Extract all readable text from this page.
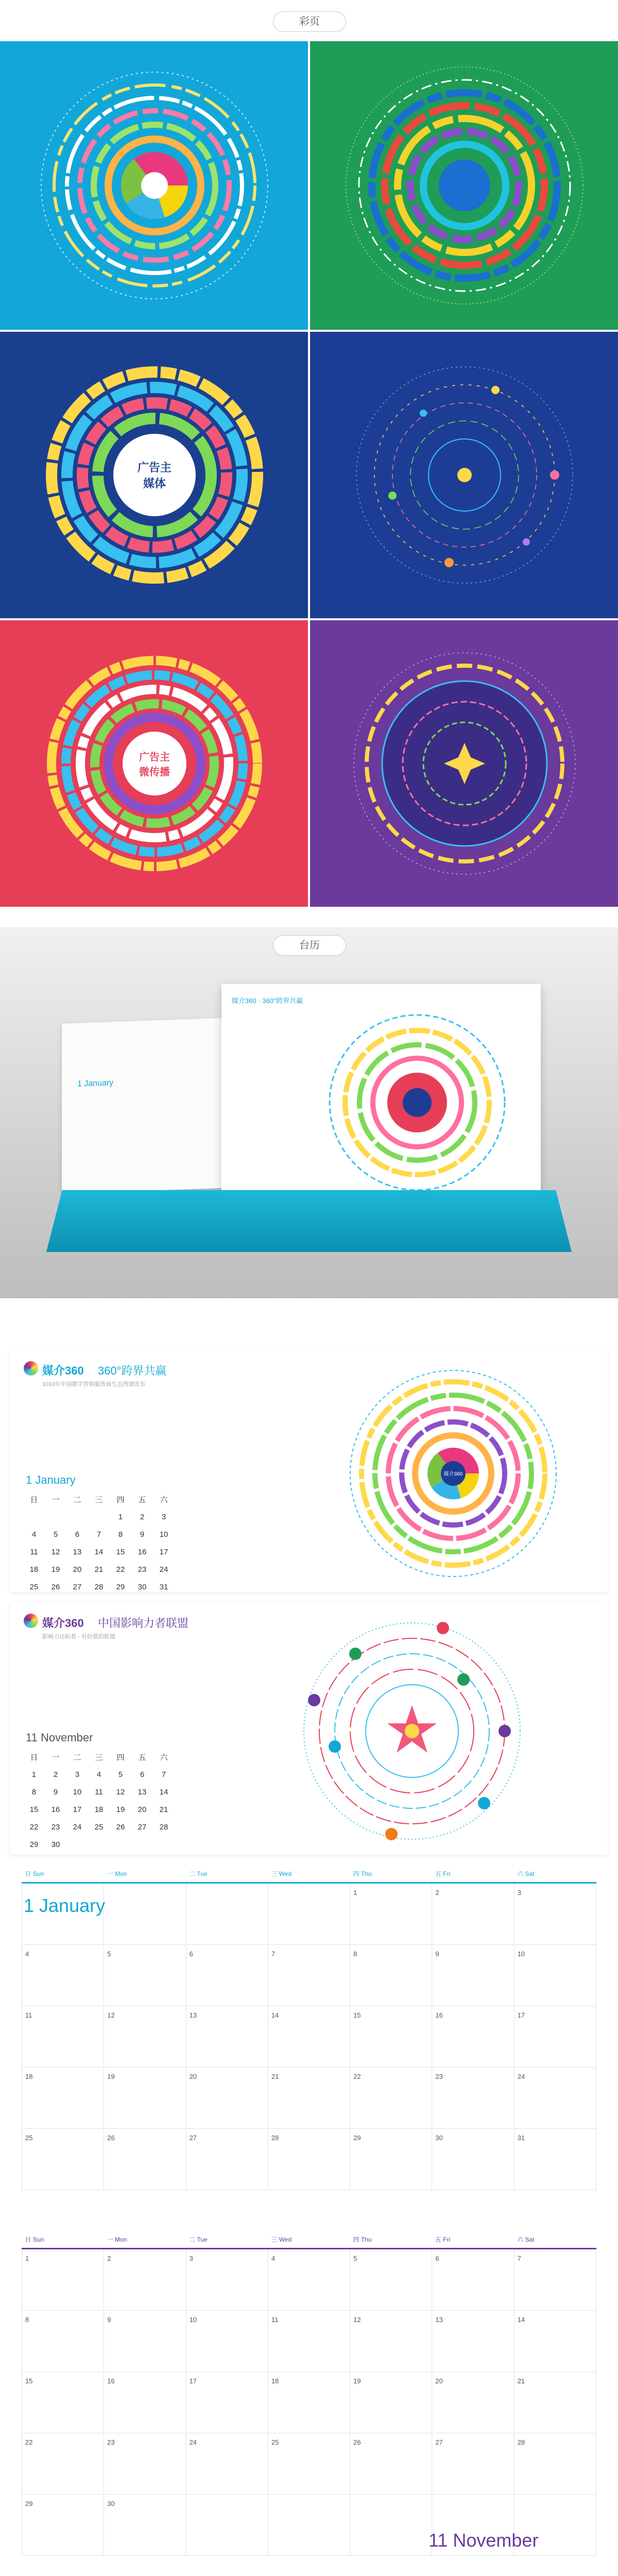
彩页
广告主
媒体
广告主
微传播
台历
1 January
媒介360 · 360°跨界共赢
媒介360 360°跨界共赢
1010年中国数字营销服务商生态图谱发布
1 January
日	一	二	三	四	五	六
				1	2	3
4	5	6	7	8	9	10
11	12	13	14	15	16	17
18	19	20	21	22	23	24
25	26	27	28	29	30	31
媒介360
媒介360 中国影响力者联盟
影响力达标者 · 有价值的联盟
11 November
日	一	二	三	四	五	六
1	2	3	4	5	6	7
8	9	10	11	12	13	14
15	16	17	18	19	20	21
22	23	24	25	26	27	28
29	30					
日 Sun	一 Mon	二 Tue	三 Wed	四 Thu	五 Fri	六 Sat

				1	2	3

4	5	6	7	8	9	10

11	12	13	14	15	16	17

18	19	20	21	22	23	24

25	26	27	28	29	30	31
1 January
日 Sun	一 Mon	二 Tue	三 Wed	四 Thu	五 Fri	六 Sat

1	2	3	4	5	6	7

8	9	10	11	12	13	14

15	16	17	18	19	20	21

22	23	24	25	26	27	28

29	30					

11 November
